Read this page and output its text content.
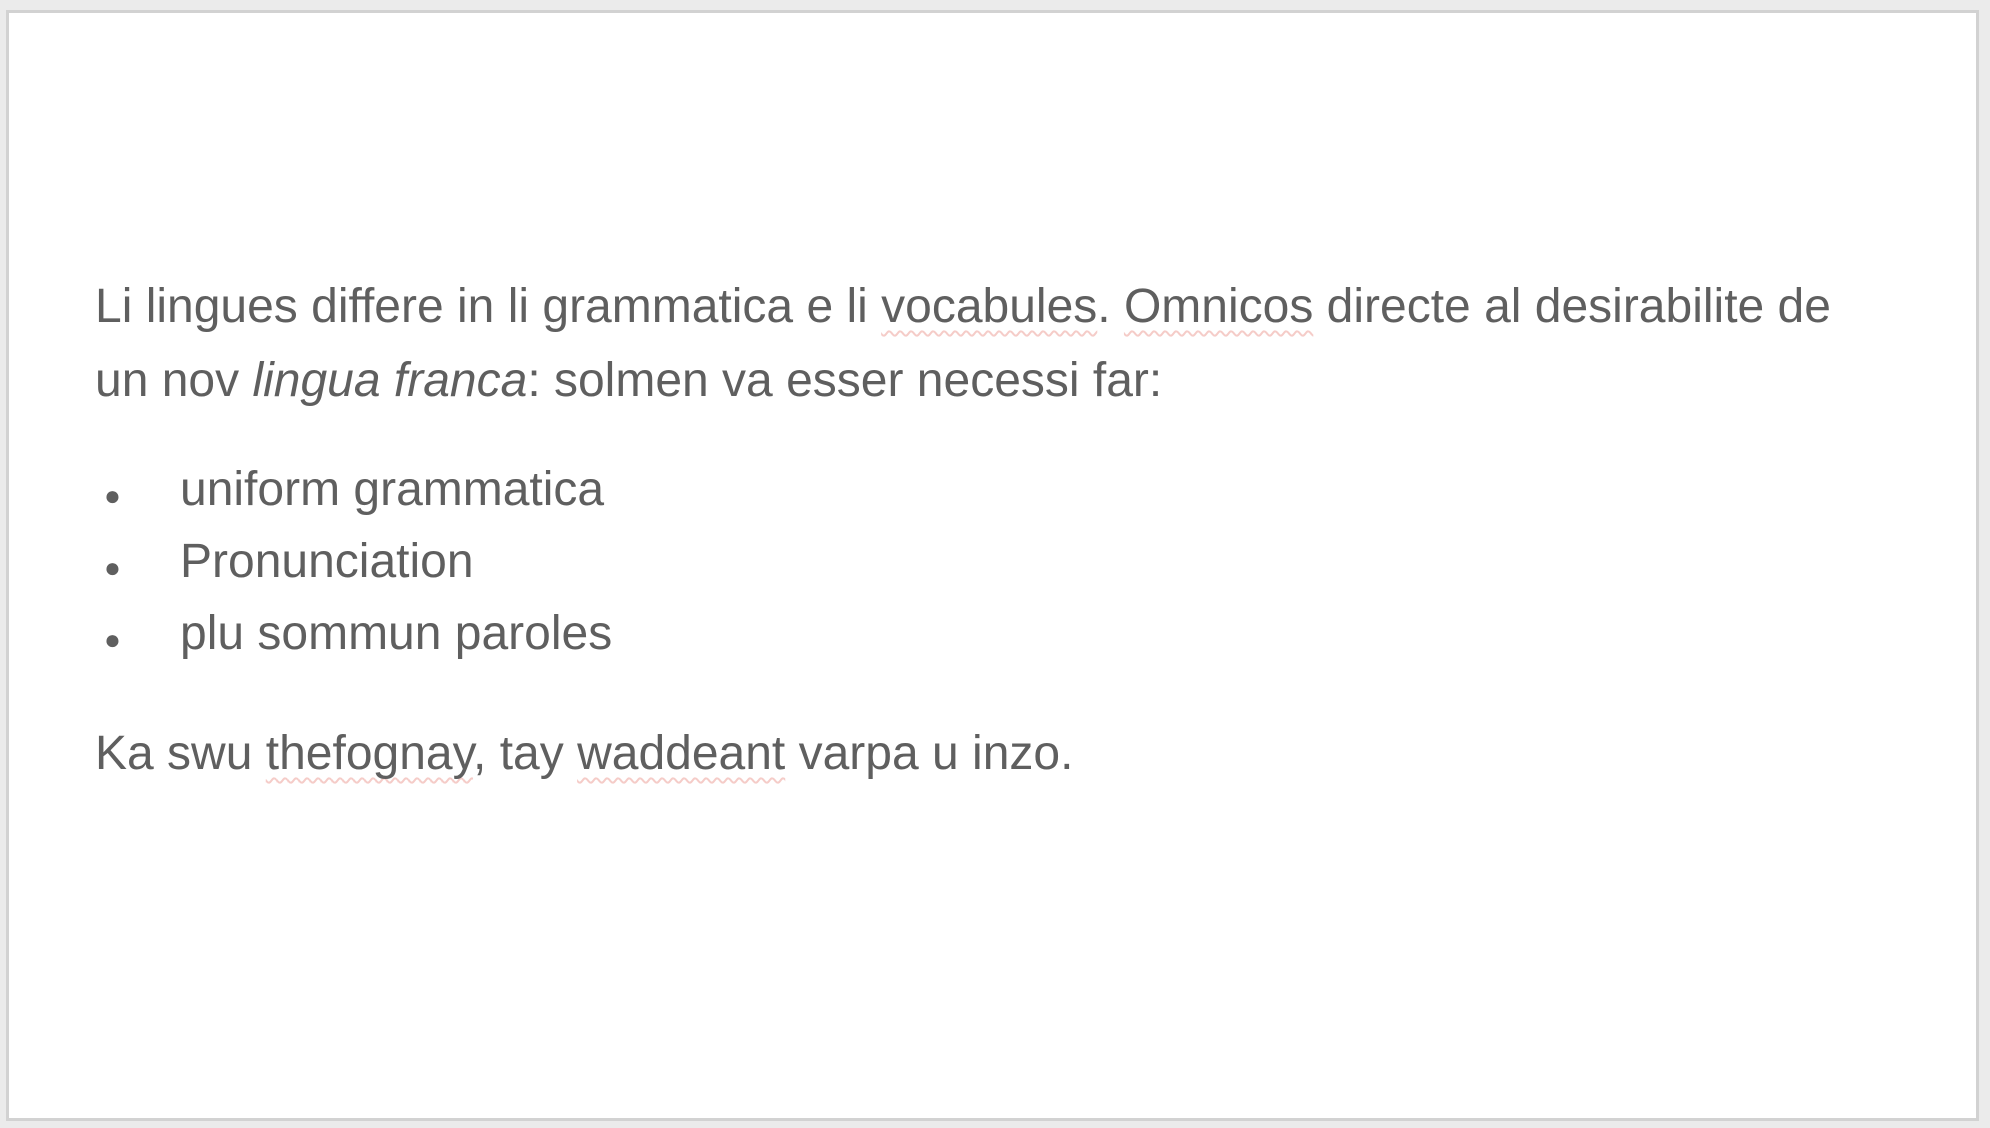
Li lingues differe in li grammatica e li vocabules. Omnicos directe al desirabilite de un nov lingua franca: solmen va esser necessi far:

●	uniform grammatica
●	Pronunciation
●	plu sommun paroles

Ka swu thefognay, tay waddeant varpa u inzo.
